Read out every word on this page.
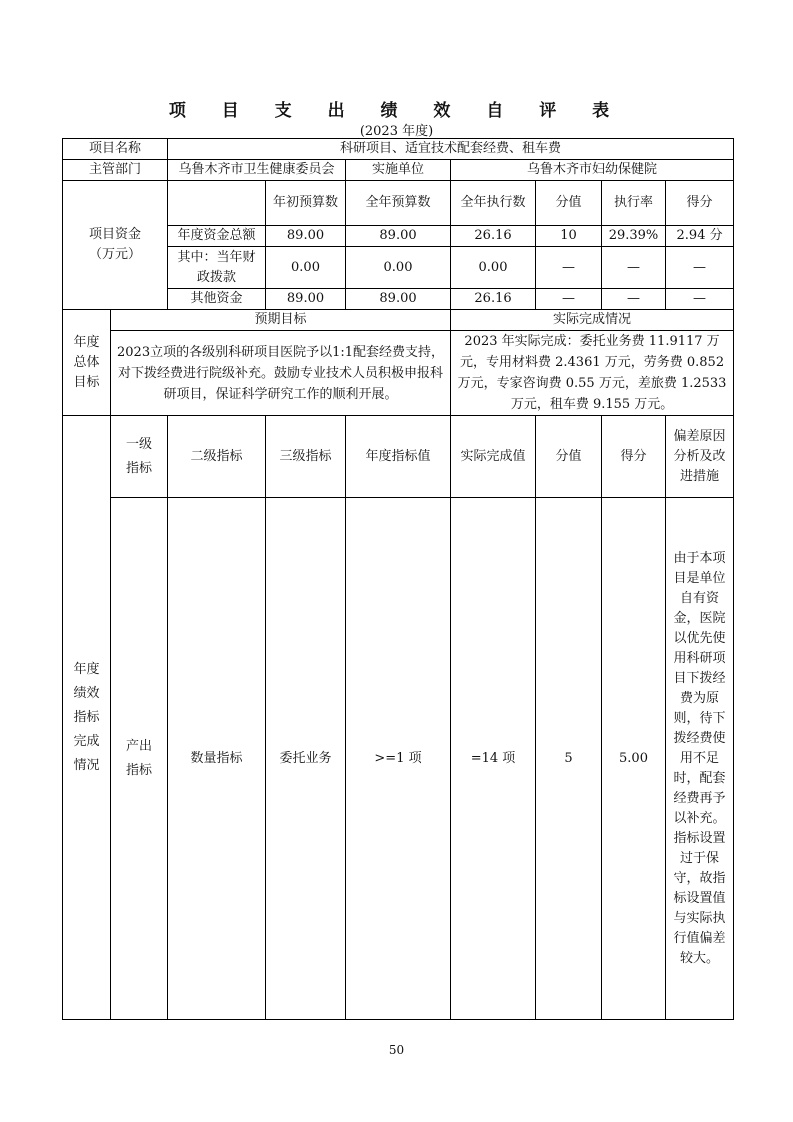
项 目 支 出 绩 效 自 评 表
(2023 年度)
项目名称		科研项目、适宜技术配套经费、租车费						
主管部门		乌鲁木齐市卫生健康委员会		实施单位	乌鲁木齐市妇幼保健院			
项目资金（万元）			年初预算数	全年预算数	全年执行数	分值	执行率	得分
		年度资金总额	89.00	89.00	26.16	10	29.39%	2.94 分
		其中：当年财政拨款	0.00	0.00	0.00	—	—	—
		其他资金	89.00	89.00	26.16	—	—	—
年度总体目标	预期目标				实际完成情况			
	2023立项的各级别科研项目医院予以1:1配套经费支持，对下拨经费进行院级补充。鼓励专业技术人员积极申报科研项目，保证科学研究工作的顺利开展。				2023 年实际完成：委托业务费 11.9117 万元，专用材料费 2.4361 万元，劳务费 0.852 万元，专家咨询费 0.55 万元，差旅费 1.2533 万元，租车费 9.155 万元。			
年度绩效指标完成情况	一级指标	二级指标	三级指标	年度指标值	实际完成值	分值	得分	偏差原因分析及改进措施
	产出指标	数量指标	委托业务	>=1 项	=14 项	5	5.00	由于本项目是单位自有资金，医院以优先使用科研项目下拨经费为原则，待下拨经费使用不足时，配套经费再予以补充。指标设置过于保守，故指标设置值与实际执行值偏差较大。
50
